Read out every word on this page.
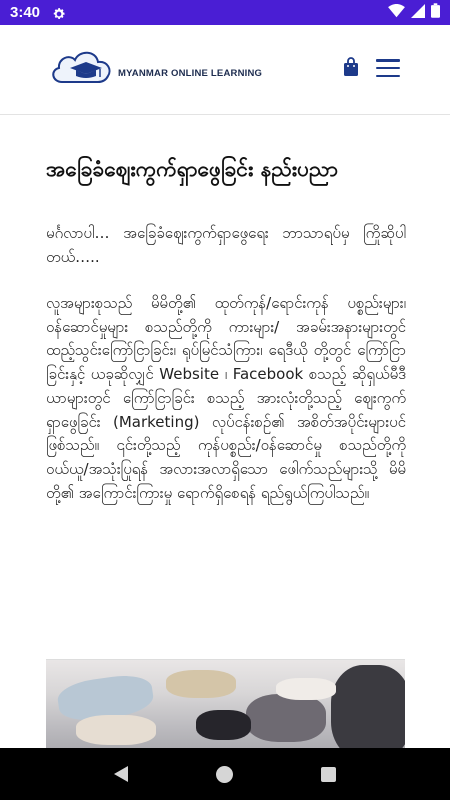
3:40
MYANMAR ONLINE LEARNING
အခြေခံဈေးကွက်ရှာဖွေခြင်း နည်းပညာ

မင်္ဂလာပါ… အခြေခံဈေးကွက်ရှာဖွေရေး ဘာသာရပ်မှ ကြိုဆိုပါတယ်…..

လူအများစုသည် မိမိတို့၏ ထုတ်ကုန်/ရောင်းကုန် ပစ္စည်းများ၊ ဝန်ဆောင်မှုများ စသည်တို့ကို ကားများ/ အခမ်းအနားများတွင် ထည့်သွင်းကြော်ငြာခြင်း၊ ရုပ်မြင်သံကြား၊ ရေဒီယို တို့တွင် ကြော်ငြာခြင်းနှင့် ယခုဆိုလျှင် Website ၊ Facebook စသည့် ဆိုရှယ်မီဒီယာများတွင် ကြော်ငြာခြင်း စသည့် အားလုံးတို့သည့် ဈေးကွက်ရှာဖွေခြင်း (Marketing) လုပ်ငန်းစဉ်၏ အစိတ်အပိုင်းများပင် ဖြစ်သည်။ ၎င်းတို့သည့် ကုန်ပစ္စည်း/ဝန်ဆောင်မှု စသည်တို့ကို ဝယ်ယူ/အသုံးပြုရန် အလားအလာရှိသော ဖေါက်သည်များသို့ မိမိတို့၏ အကြောင်းကြားမှု ရောက်ရှိစေရန် ရည်ရွယ်ကြပါသည်။
